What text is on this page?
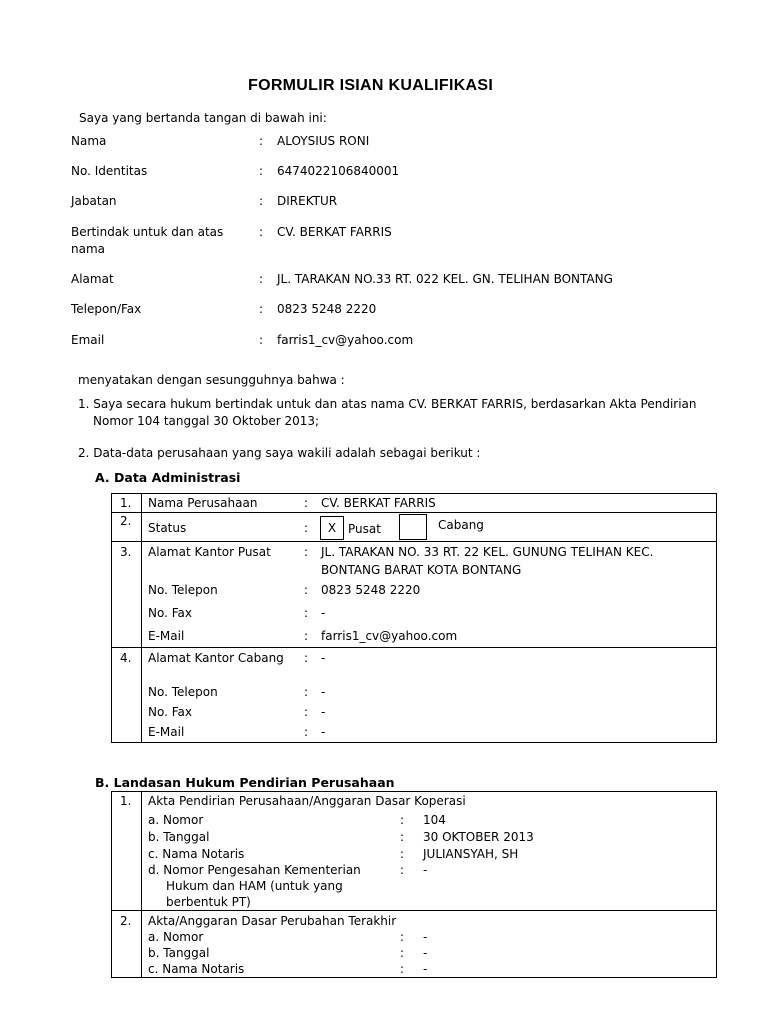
FORMULIR ISIAN KUALIFIKASI
Saya yang bertanda tangan di bawah ini:
Nama	: ALOYSIUS RONI
No. Identitas	: 6474022106840001
Jabatan	: DIREKTUR
Bertindak untuk dan atas
nama
: CV. BERKAT FARRIS
Alamat	: JL. TARAKAN NO.33 RT. 022 KEL. GN. TELIHAN BONTANG
Telepon/Fax	: 0823 5248 2220
Email	: farris1_cv@yahoo.com
menyatakan dengan sesungguhnya bahwa :
1. Saya secara hukum bertindak untuk dan atas nama CV. BERKAT FARRIS, berdasarkan Akta Pendirian
Nomor 104 tanggal 30 Oktober 2013;
2. Data-data perusahaan yang saya wakili adalah sebagai berikut :
A. Data Administrasi
1. Nama Perusahaan	: CV. BERKAT FARRIS
2. Status	: X Pusat	Cabang
3. Alamat Kantor Pusat	: JL. TARAKAN NO. 33 RT. 22 KEL. GUNUNG TELIHAN KEC.
BONTANG BARAT KOTA BONTANG
No. Telepon	: 0823 5248 2220
No. Fax	: -
E-Mail	: farris1_cv@yahoo.com
4. Alamat Kantor Cabang : -
No. Telepon	: -
No. Fax	: -
E-Mail	: -
B. Landasan Hukum Pendirian Perusahaan
1. Akta Pendirian Perusahaan/Anggaran Dasar Koperasi
a. Nomor	: 104
b. Tanggal	: 30 OKTOBER 2013
c. Nama Notaris	: JULIANSYAH, SH
d. Nomor Pengesahan Kementerian
Hukum dan HAM (untuk yang
berbentuk PT)
: -
2. Akta/Anggaran Dasar Perubahan Terakhir
a. Nomor	: -
b. Tanggal	: -
c. Nama Notaris	: -
